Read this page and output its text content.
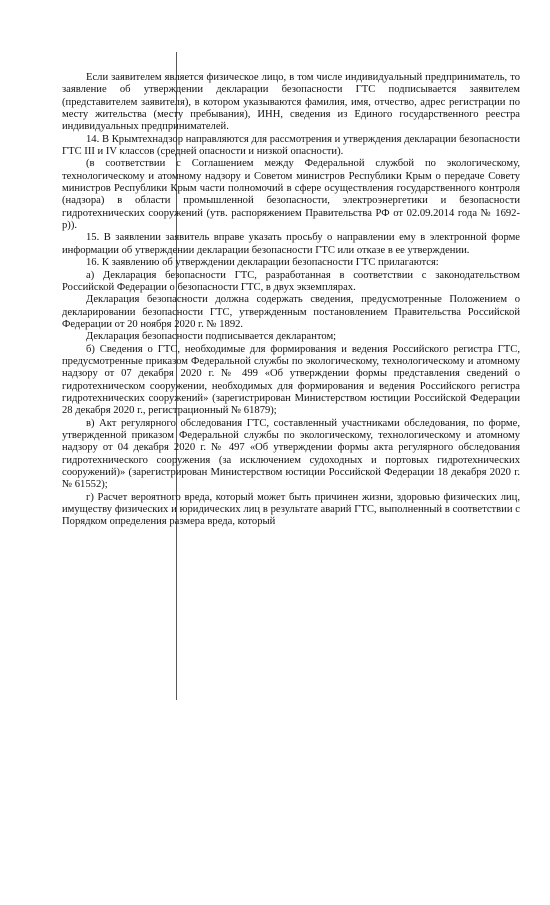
Если заявителем является физическое лицо, в том числе индивидуальный предприниматель, то заявление об утверждении декларации безопасности ГТС подписывается заявителем (представителем заявителя), в котором указываются фамилия, имя, отчество, адрес регистрации по месту жительства (месту пребывания), ИНН, сведения из Единого государственного реестра индивидуальных предпринимателей.

14. В Крымтехнадзор направляются для рассмотрения и утверждения декларации безопасности ГТС III и IV классов (средней опасности и низкой опасности).

(в соответствии с Соглашением между Федеральной службой по экологическому, технологическому и атомному надзору и Советом министров Республики Крым о передаче Совету министров Республики Крым части полномочий в сфере осуществления государственного контроля (надзора) в области промышленной безопасности, электроэнергетики и безопасности гидротехнических сооружений (утв. распоряжением Правительства РФ от 02.09.2014 года № 1692-р)).

15. В заявлении заявитель вправе указать просьбу о направлении ему в электронной форме информации об утверждении декларации безопасности ГТС или отказе в ее утверждении.

16. К заявлению об утверждении декларации безопасности ГТС прилагаются:

а) Декларация безопасности ГТС, разработанная в соответствии с законодательством Российской Федерации о безопасности ГТС, в двух экземплярах.

Декларация безопасности должна содержать сведения, предусмотренные Положением о декларировании безопасности ГТС, утвержденным постановлением Правительства Российской Федерации от 20 ноября 2020 г. № 1892.

Декларация безопасности подписывается декларантом;

б) Сведения о ГТС, необходимые для формирования и ведения Российского регистра ГТС, предусмотренные приказом Федеральной службы по экологическому, технологическому и атомному надзору от 07 декабря 2020 г. № 499 «Об утверждении формы представления сведений о гидротехническом сооружении, необходимых для формирования и ведения Российского регистра гидротехнических сооружений» (зарегистрирован Министерством юстиции Российской Федерации 28 декабря 2020 г., регистрационный № 61879);

в) Акт регулярного обследования ГТС, составленный участниками обследования, по форме, утвержденной приказом Федеральной службы по экологическому, технологическому и атомному надзору от 04 декабря 2020 г. № 497 «Об утверждении формы акта регулярного обследования гидротехнического сооружения (за исключением судоходных и портовых гидротехнических сооружений)» (зарегистрирован Министерством юстиции Российской Федерации 18 декабря 2020 г. № 61552);

г) Расчет вероятного вреда, который может быть причинен жизни, здоровью физических лиц, имуществу физических и юридических лиц в результате аварий ГТС, выполненный в соответствии с Порядком определения размера вреда, который
